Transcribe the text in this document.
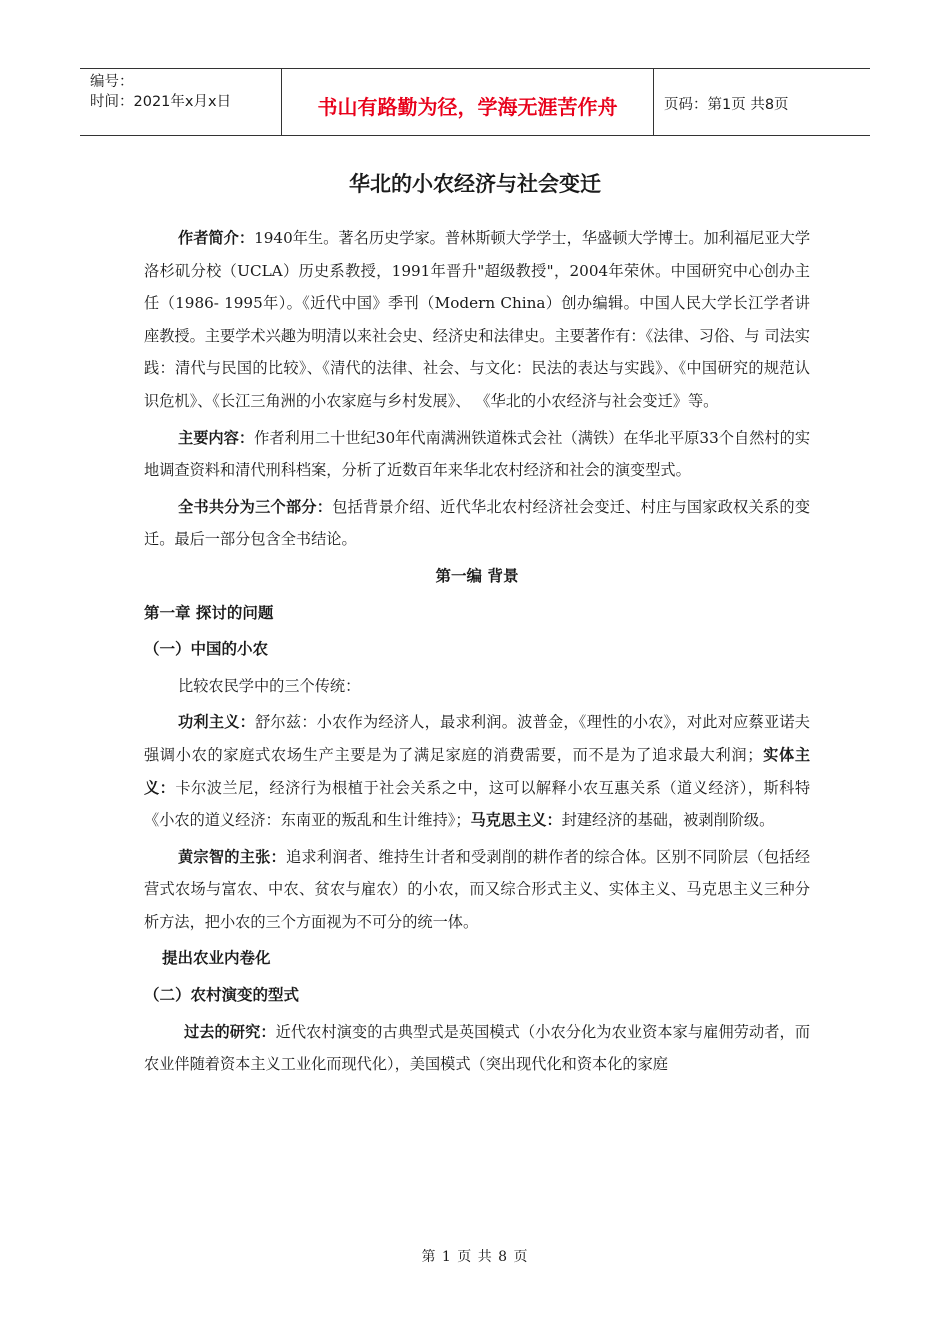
编号：
时间：2021年x月x日	书山有路勤为径，学海无涯苦作舟	页码：第1页 共8页
华北的小农经济与社会变迁

作者简介：1940年生。著名历史学家。普林斯顿大学学士，华盛顿大学博士。加利福尼亚大学洛杉矶分校（UCLA）历史系教授，1991年晋升"超级教授"，2004年荣休。中国研究中心创办主任（1986- 1995年）。《近代中国》季刊（Modern China）创办编辑。中国人民大学长江学者讲座教授。主要学术兴趣为明清以来社会史、经济史和法律史。主要著作有：《法律、习俗、与 司法实践：清代与民国的比较》、《清代的法律、社会、与文化：民法的表达与实践》、《中国研究的规范认识危机》、《长江三角洲的小农家庭与乡村发展》、 《华北的小农经济与社会变迁》等。

主要内容：作者利用二十世纪30年代南满洲铁道株式会社（满铁）在华北平原33个自然村的实地调查资料和清代刑科档案，分析了近数百年来华北农村经济和社会的演变型式。

全书共分为三个部分：包括背景介绍、近代华北农村经济社会变迁、村庄与国家政权关系的变迁。最后一部分包含全书结论。

第一编 背景
第一章 探讨的问题
（一）中国的小农

比较农民学中的三个传统：

功利主义：舒尔兹：小农作为经济人，最求利润。波普金，《理性的小农》，对此对应蔡亚诺夫强调小农的家庭式农场生产主要是为了满足家庭的消费需要，而不是为了追求最大利润；实体主义：卡尔波兰尼，经济行为根植于社会关系之中，这可以解释小农互惠关系（道义经济），斯科特《小农的道义经济：东南亚的叛乱和生计维持》；马克思主义：封建经济的基础，被剥削阶级。

黄宗智的主张：追求利润者、维持生计者和受剥削的耕作者的综合体。区别不同阶层（包括经营式农场与富农、中农、贫农与雇农）的小农，而又综合形式主义、实体主义、马克思主义三种分析方法，把小农的三个方面视为不可分的统一体。

提出农业内卷化
（二）农村演变的型式

过去的研究：近代农村演变的古典型式是英国模式（小农分化为农业资本家与雇佣劳动者，而农业伴随着资本主义工业化而现代化），美国模式（突出现代化和资本化的家庭

第 1 页 共 8 页
